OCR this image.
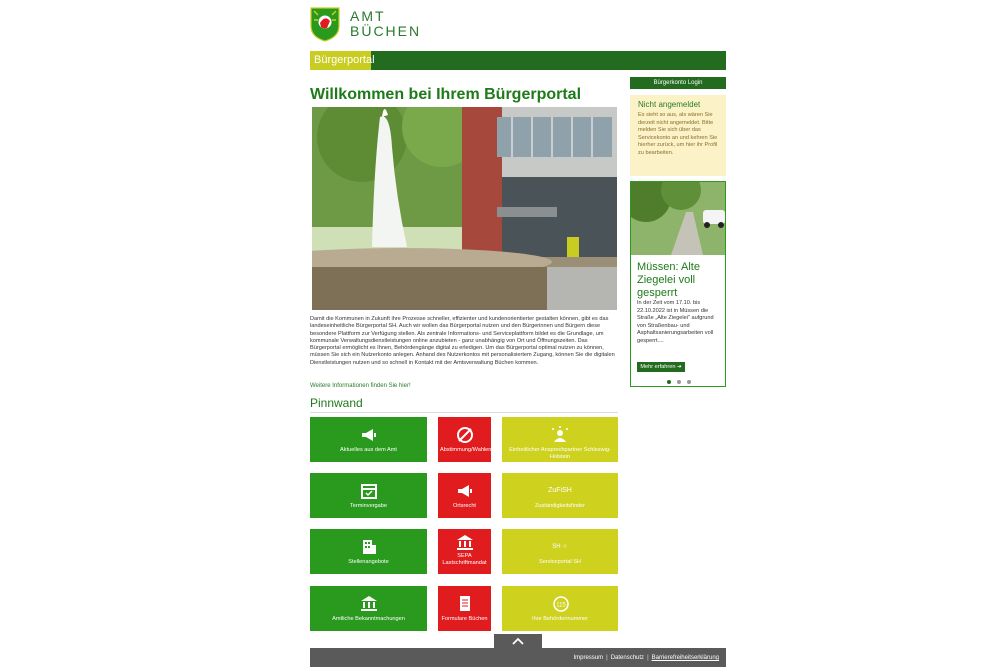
AMT
BÜCHEN
Bürgerportal
Willkommen bei Ihrem Bürgerportal
Damit die Kommunen in Zukunft ihre Prozesse schneller, effizienter und kundenorientierter gestalten können, gibt es das landeseinheitliche Bürgerportal SH. Auch wir wollen das Bürgerportal nutzen und den Bürgerinnen und Bürgern diese besondere Plattform zur Verfügung stellen. Als zentrale Informations- und Serviceplattform bildet es die Grundlage, um kommunale Verwaltungsdienstleistungen online anzubieten - ganz unabhängig von Ort und Öffnungszeiten. Das Bürgerportal ermöglicht es Ihnen, Behördengänge digital zu erledigen. Um das Bürgerportal optimal nutzen zu können, müssen Sie sich ein Nutzerkonto anlegen. Anhand des Nutzerkontos mit personalisiertem Zugang, können Sie die digitalen Dienstleistungen nutzen und so schnell in Kontakt mit der Amtsverwaltung Büchen kommen.
Weitere Informationen finden Sie hier!
Pinnwand
Aktuelles aus dem Amt	Abstimmung/Wahlen	Einheitlicher Ansprechpartner Schleswig-Holstein
Terminvergabe	Ortsrecht
ZuFiSH
Zuständigkeitsfinder
Stellenangebote
SEPA Lastschriftmandat
SH ☆
Serviceportal SH
Amtliche Bekanntmachungen	Formulare Büchen
115
Ihre Behördennummer
Bürgerkonto Login
Nicht angemeldet
Es sieht so aus, als wären Sie derzeit nicht angemeldet. Bitte melden Sie sich über das Servicekonto an und kehren Sie hierher zurück, um hier ihr Profil zu bearbeiten.
Müssen: Alte Ziegelei voll gesperrt
In der Zeit vom 17.10. bis 22.10.2022 ist in Müssen die Straße „Alte Ziegelei" aufgrund von Straßenbau- und Asphaltsanierungsarbeiten voll gesperrt....
Mehr erfahren ➔
Impressum | Datenschutz | Barrierefreiheitserklärung
